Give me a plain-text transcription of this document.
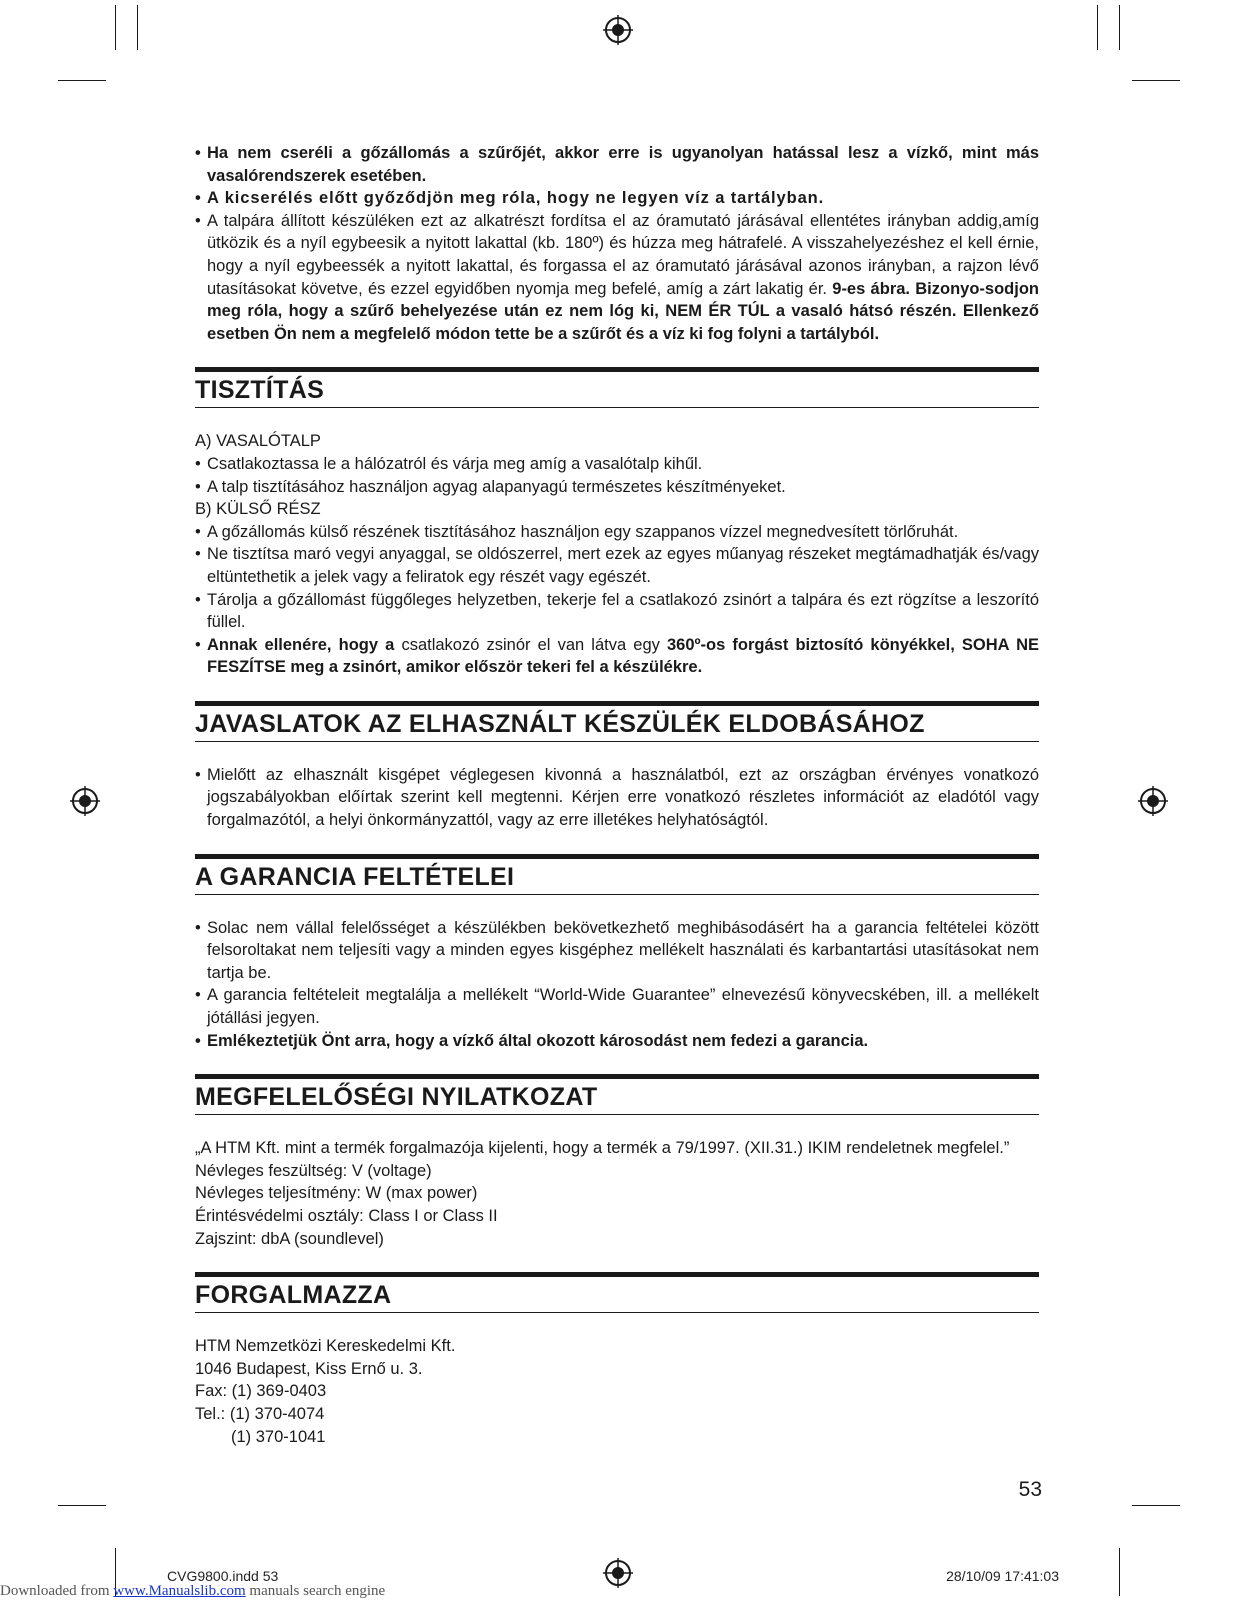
• Ha nem cseréli a gőzállomás a szűrőjét, akkor erre is ugyanolyan hatással lesz a vízkő, mint más vasalórendszerek esetében.
• A kicserélés előtt győződjön meg róla, hogy ne legyen víz a tartályban.
• A talpára állított készüléken ezt az alkatrészt fordítsa el az óramutató járásával ellentétes irányban addig,amíg ütközik és a nyíl egybeesik a nyitott lakattal (kb. 180º) és húzza meg hátrafelé. A visszahelyezéshez el kell érnie, hogy a nyíl egybeessék a nyitott lakattal, és forgassa el az óramutató járásával azonos irányban, a rajzon lévő utasításokat követve, és ezzel egyidőben nyomja meg befelé, amíg a zárt lakatig ér. 9-es ábra. Bizonyo-sodjon meg róla, hogy a szűrő behelyezése után ez nem lóg ki, NEM ÉR TÚL a vasaló hátsó részén. Ellenkező esetben Ön nem a megfelelő módon tette be a szűrőt és a víz ki fog folyni a tartályból.
TISZTÍTÁS

A) VASALÓTALP

• Csatlakoztassa le a hálózatról és várja meg amíg a vasalótalp kihűl.
• A talp tisztításához használjon agyag alapanyagú természetes készítményeket.

B) KÜLSŐ RÉSZ

• A gőzállomás külső részének tisztításához használjon egy szappanos vízzel megnedvesített törlőruhát.
• Ne tisztítsa maró vegyi anyaggal, se oldószerrel, mert ezek az egyes műanyag részeket megtámadhatják és/vagy eltüntethetik a jelek vagy a feliratok egy részét vagy egészét.
• Tárolja a gőzállomást függőleges helyzetben, tekerje fel a csatlakozó zsinórt a talpára és ezt rögzítse a leszorító füllel.
• Annak ellenére, hogy a csatlakozó zsinór el van látva egy 360º-os forgást biztosító könyékkel, SOHA NE FESZÍTSE meg a zsinórt, amikor először tekeri fel a készülékre.
JAVASLATOK AZ ELHASZNÁLT KÉSZÜLÉK ELDOBÁSÁHOZ
• Mielőtt az elhasznált kisgépet véglegesen kivonná a használatból, ezt az országban érvényes vonatkozó jogszabályokban előírtak szerint kell megtenni. Kérjen erre vonatkozó részletes információt az eladótól vagy forgalmazótól, a helyi önkormányzattól, vagy az erre illetékes helyhatóságtól.
A GARANCIA FELTÉTELEI
• Solac nem vállal felelősséget a készülékben bekövetkezhető meghibásodásért ha a garancia feltételei között felsoroltakat nem teljesíti vagy a minden egyes kisgéphez mellékelt használati és karbantartási utasításokat nem tartja be.
• A garancia feltételeit megtalálja a mellékelt “World-Wide Guarantee” elnevezésű könyvecskében, ill. a mellékelt jótállási jegyen.
• Emlékeztetjük Önt arra, hogy a vízkő által okozott károsodást nem fedezi a garancia.
MEGFELELŐSÉGI NYILATKOZAT

„A HTM Kft. mint a termék forgalmazója kijelenti, hogy a termék a 79/1997. (XII.31.) IKIM rendeletnek megfelel.”

Névleges feszültség: V (voltage)

Névleges teljesítmény: W (max power)

Érintésvédelmi osztály: Class I or Class II

Zajszint: dbA (soundlevel)

FORGALMAZZA

HTM Nemzetközi Kereskedelmi Kft.

1046 Budapest, Kiss Ernő u. 3.

Fax: (1) 369-0403

Tel.: (1) 370-4074

(1) 370-1041

53
CVG9800.indd 53	28/10/09 17:41:03
Downloaded from www.Manualslib.com manuals search engine
